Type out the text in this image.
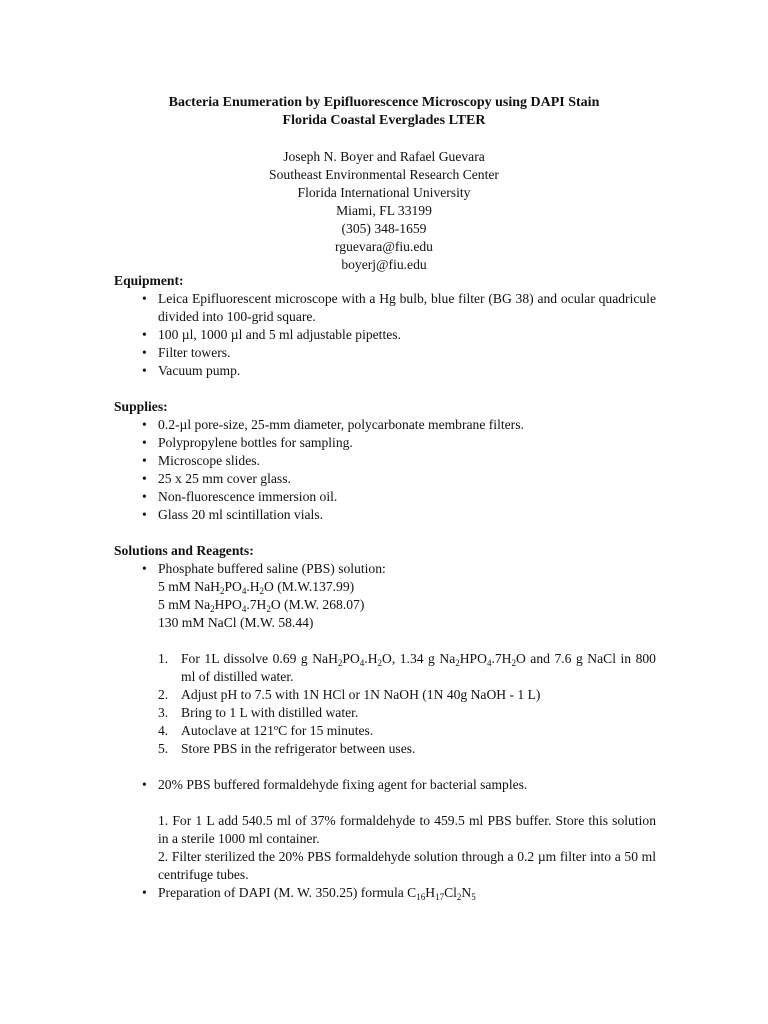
Bacteria Enumeration by Epifluorescence Microscopy using DAPI Stain

Florida Coastal Everglades LTER

Joseph N. Boyer and Rafael Guevara
Southeast Environmental Research Center
Florida International University
Miami, FL 33199
(305) 348-1659
rguevara@fiu.edu
boyerj@fiu.edu

Equipment:

• Leica Epifluorescent microscope with a Hg bulb, blue filter (BG 38) and ocular quadricule divided into 100-grid square.
• 100 µl, 1000 µl and 5 ml adjustable pipettes.
• Filter towers.
• Vacuum pump.

Supplies:

• 0.2-µl pore-size, 25-mm diameter, polycarbonate membrane filters.
• Polypropylene bottles for sampling.
• Microscope slides.
• 25 x 25 mm cover glass.
• Non-fluorescence immersion oil.
• Glass 20 ml scintillation vials.

Solutions and Reagents:

• Phosphate buffered saline (PBS) solution:
5 mM $NaH_2PO_4.H_2O$ (M.W.137.99)
5 mM $Na_2HPO_4.7H_2O$ (M.W. 268.07)
130 mM NaCl (M.W. 58.44)
1. For 1L dissolve 0.69 g $NaH_2PO_4.H_2O$, 1.34 g $Na_2HPO_4.7H_2O$ and 7.6 g NaCl in 800 ml of distilled water.
2. Adjust pH to 7.5 with 1N HCl or 1N NaOH (1N 40g NaOH - 1 L)
3. Bring to 1 L with distilled water.
4. Autoclave at 121ºC for 15 minutes.
5. Store PBS in the refrigerator between uses.
• 20% PBS buffered formaldehyde fixing agent for bacterial samples.
1. For 1 L add 540.5 ml of 37% formaldehyde to 459.5 ml PBS buffer. Store this solution in a sterile 1000 ml container.
2. Filter sterilized the 20% PBS formaldehyde solution through a 0.2 µm filter into a 50 ml centrifuge tubes.
• Preparation of DAPI (M. W. 350.25) formula $C_{16}H_{17}Cl_2N_5$
